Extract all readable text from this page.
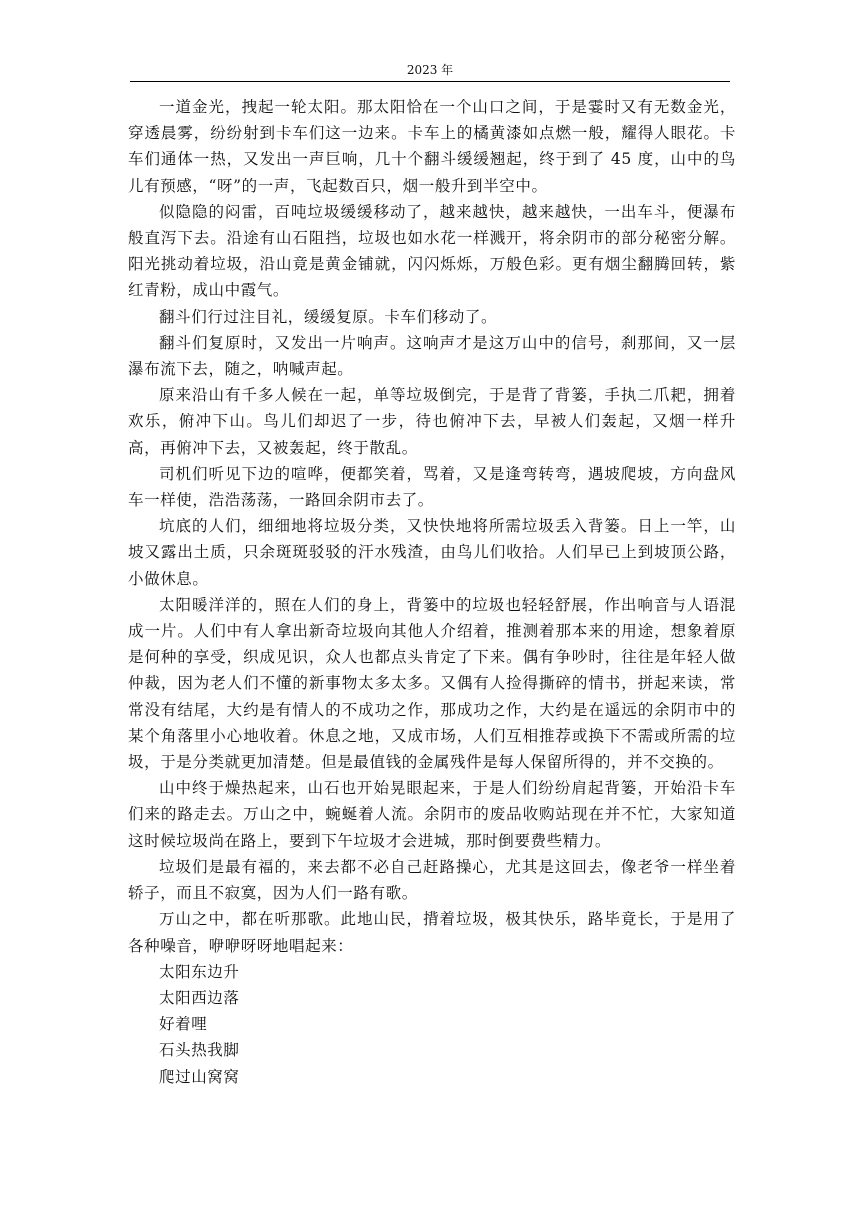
2023 年

一道金光，拽起一轮太阳。那太阳恰在一个山口之间，于是霎时又有无数金光，穿透晨雾，纷纷射到卡车们这一边来。卡车上的橘黄漆如点燃一般，耀得人眼花。卡车们通体一热，又发出一声巨响，几十个翻斗缓缓翘起，终于到了 45 度，山中的鸟儿有预感，“呀”的一声，飞起数百只，烟一般升到半空中。

似隐隐的闷雷，百吨垃圾缓缓移动了，越来越快，越来越快，一出车斗，便瀑布般直泻下去。沿途有山石阻挡，垃圾也如水花一样溅开，将余阴市的部分秘密分解。阳光挑动着垃圾，沿山竟是黄金铺就，闪闪烁烁，万般色彩。更有烟尘翻腾回转，紫红青粉，成山中霞气。

翻斗们行过注目礼，缓缓复原。卡车们移动了。

翻斗们复原时，又发出一片响声。这响声才是这万山中的信号，刹那间，又一层瀑布流下去，随之，呐喊声起。

原来沿山有千多人候在一起，单等垃圾倒完，于是背了背篓，手执二爪耙，拥着欢乐，俯冲下山。鸟儿们却迟了一步，待也俯冲下去，早被人们轰起，又烟一样升高，再俯冲下去，又被轰起，终于散乱。

司机们听见下边的喧哗，便都笑着，骂着，又是逢弯转弯，遇坡爬坡，方向盘风车一样使，浩浩荡荡，一路回余阴市去了。

坑底的人们，细细地将垃圾分类，又快快地将所需垃圾丢入背篓。日上一竿，山坡又露出土质，只余斑斑驳驳的汗水残渣，由鸟儿们收拾。人们早已上到坡顶公路，小做休息。

太阳暖洋洋的，照在人们的身上，背篓中的垃圾也轻轻舒展，作出响音与人语混成一片。人们中有人拿出新奇垃圾向其他人介绍着，推测着那本来的用途，想象着原是何种的享受，织成见识，众人也都点头肯定了下来。偶有争吵时，往往是年轻人做仲裁，因为老人们不懂的新事物太多太多。又偶有人捡得撕碎的情书，拼起来读，常常没有结尾，大约是有情人的不成功之作，那成功之作，大约是在遥远的余阴市中的某个角落里小心地收着。休息之地，又成市场，人们互相推荐或换下不需或所需的垃圾，于是分类就更加清楚。但是最值钱的金属残件是每人保留所得的，并不交换的。

山中终于燥热起来，山石也开始晃眼起来，于是人们纷纷肩起背篓，开始沿卡车们来的路走去。万山之中，蜿蜒着人流。余阴市的废品收购站现在并不忙，大家知道这时候垃圾尚在路上，要到下午垃圾才会进城，那时倒要费些精力。

垃圾们是最有福的，来去都不必自己赶路操心，尤其是这回去，像老爷一样坐着轿子，而且不寂寞，因为人们一路有歌。

万山之中，都在听那歌。此地山民，揹着垃圾，极其快乐，路毕竟长，于是用了各种噪音，咿咿呀呀地唱起来：

太阳东边升

太阳西边落

好着哩

石头热我脚

爬过山窝窝
